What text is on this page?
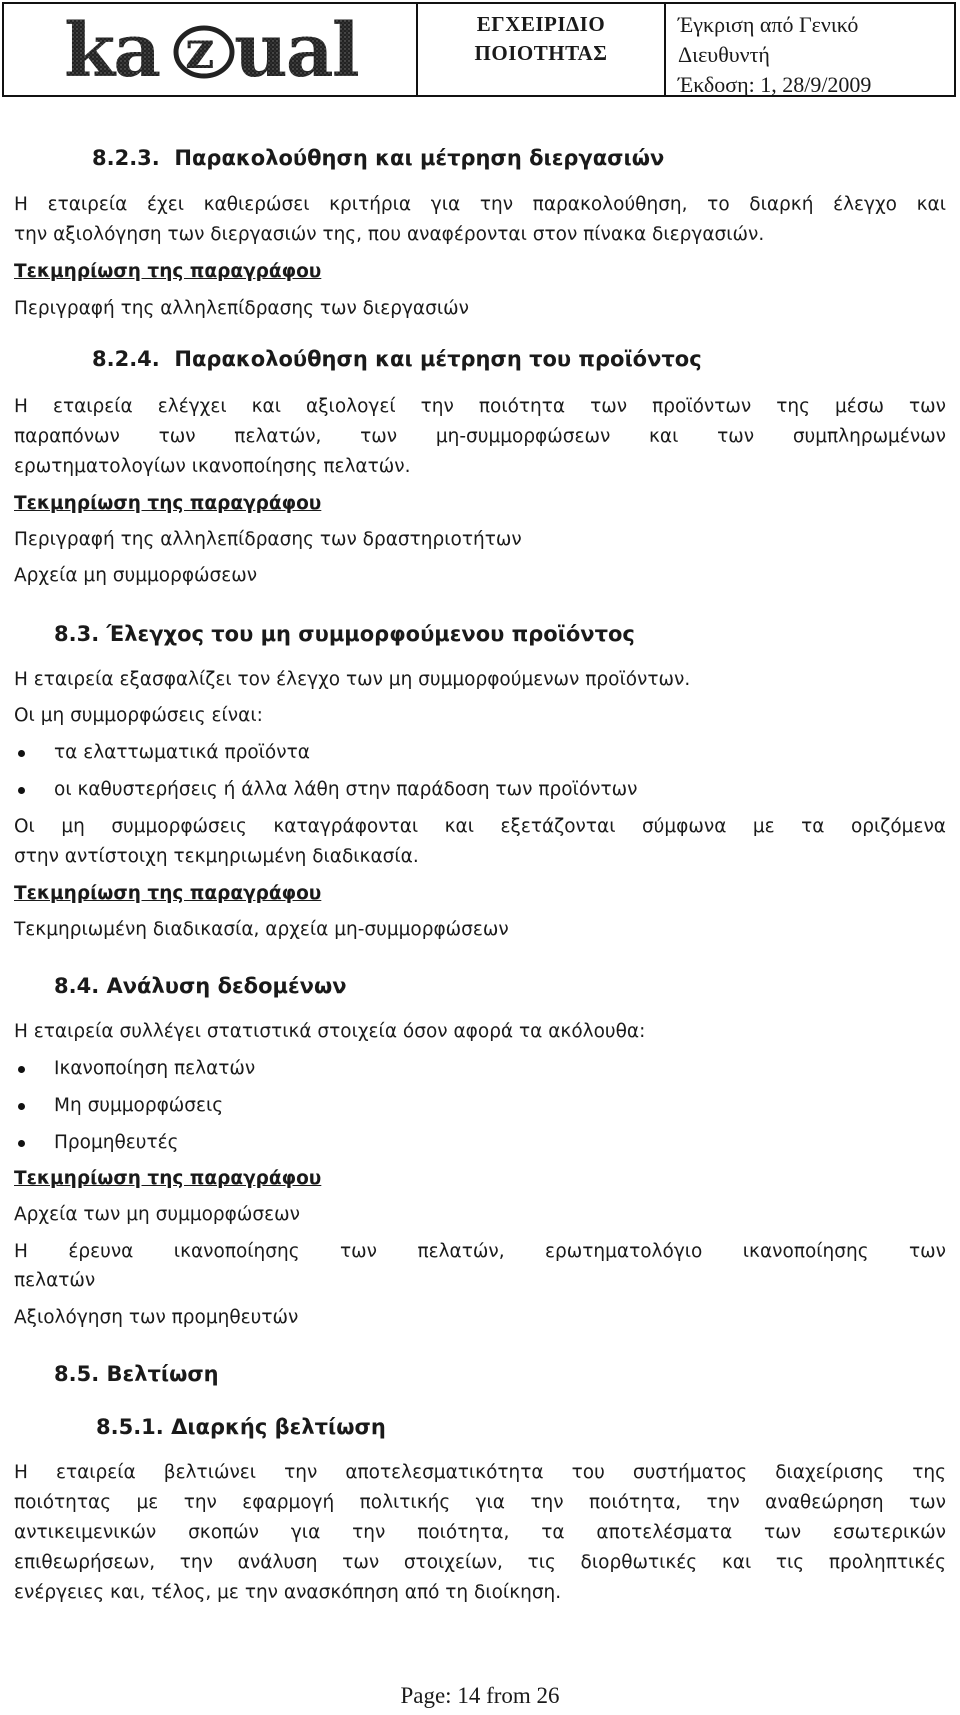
ka z ual	ΕΓΧΕΙΡΙΔΙΟ
ΠΟΙΟΤΗΤΑΣ
Έγκριση από Γενικό
Διευθυντή
Έκδοση: 1, 28/9/2009
8.2.3. Παρακολούθηση και μέτρηση διεργασιών
Η εταιρεία έχει καθιερώσει κριτήρια για την παρακολούθηση, το διαρκή έλεγχο και
την αξιολόγηση των διεργασιών της, που αναφέρονται στον πίνακα διεργασιών.
Τεκμηρίωση της παραγράφου
Περιγραφή της αλληλεπίδρασης των διεργασιών
8.2.4. Παρακολούθηση και μέτρηση του προϊόντος
Η εταιρεία ελέγχει και αξιολογεί την ποιότητα των προϊόντων της μέσω των
παραπόνων των πελατών, των μη-συμμορφώσεων και των συμπληρωμένων
ερωτηματολογίων ικανοποίησης πελατών.
Τεκμηρίωση της παραγράφου
Περιγραφή της αλληλεπίδρασης των δραστηριοτήτων
Αρχεία μη συμμορφώσεων
8.3. Έλεγχος του μη συμμορφούμενου προϊόντος
Η εταιρεία εξασφαλίζει τον έλεγχο των μη συμμορφούμενων προϊόντων.
Οι μη συμμορφώσεις είναι:
τα ελαττωματικά προϊόντα
οι καθυστερήσεις ή άλλα λάθη στην παράδοση των προϊόντων
Οι μη συμμορφώσεις καταγράφονται και εξετάζονται σύμφωνα με τα οριζόμενα
στην αντίστοιχη τεκμηριωμένη διαδικασία.
Τεκμηρίωση της παραγράφου
Τεκμηριωμένη διαδικασία, αρχεία μη-συμμορφώσεων
8.4. Ανάλυση δεδομένων
Η εταιρεία συλλέγει στατιστικά στοιχεία όσον αφορά τα ακόλουθα:
Ικανοποίηση πελατών
Μη συμμορφώσεις
Προμηθευτές
Τεκμηρίωση της παραγράφου
Αρχεία των μη συμμορφώσεων
Η έρευνα ικανοποίησης των πελατών, ερωτηματολόγιο ικανοποίησης των
πελατών
Αξιολόγηση των προμηθευτών
8.5. Βελτίωση
8.5.1. Διαρκής βελτίωση
Η εταιρεία βελτιώνει την αποτελεσματικότητα του συστήματος διαχείρισης της
ποιότητας με την εφαρμογή πολιτικής για την ποιότητα, την αναθεώρηση των
αντικειμενικών σκοπών για την ποιότητα, τα αποτελέσματα των εσωτερικών
επιθεωρήσεων, την ανάλυση των στοιχείων, τις διορθωτικές και τις προληπτικές
ενέργειες και, τέλος, με την ανασκόπηση από τη διοίκηση.
Page: 14 from 26
